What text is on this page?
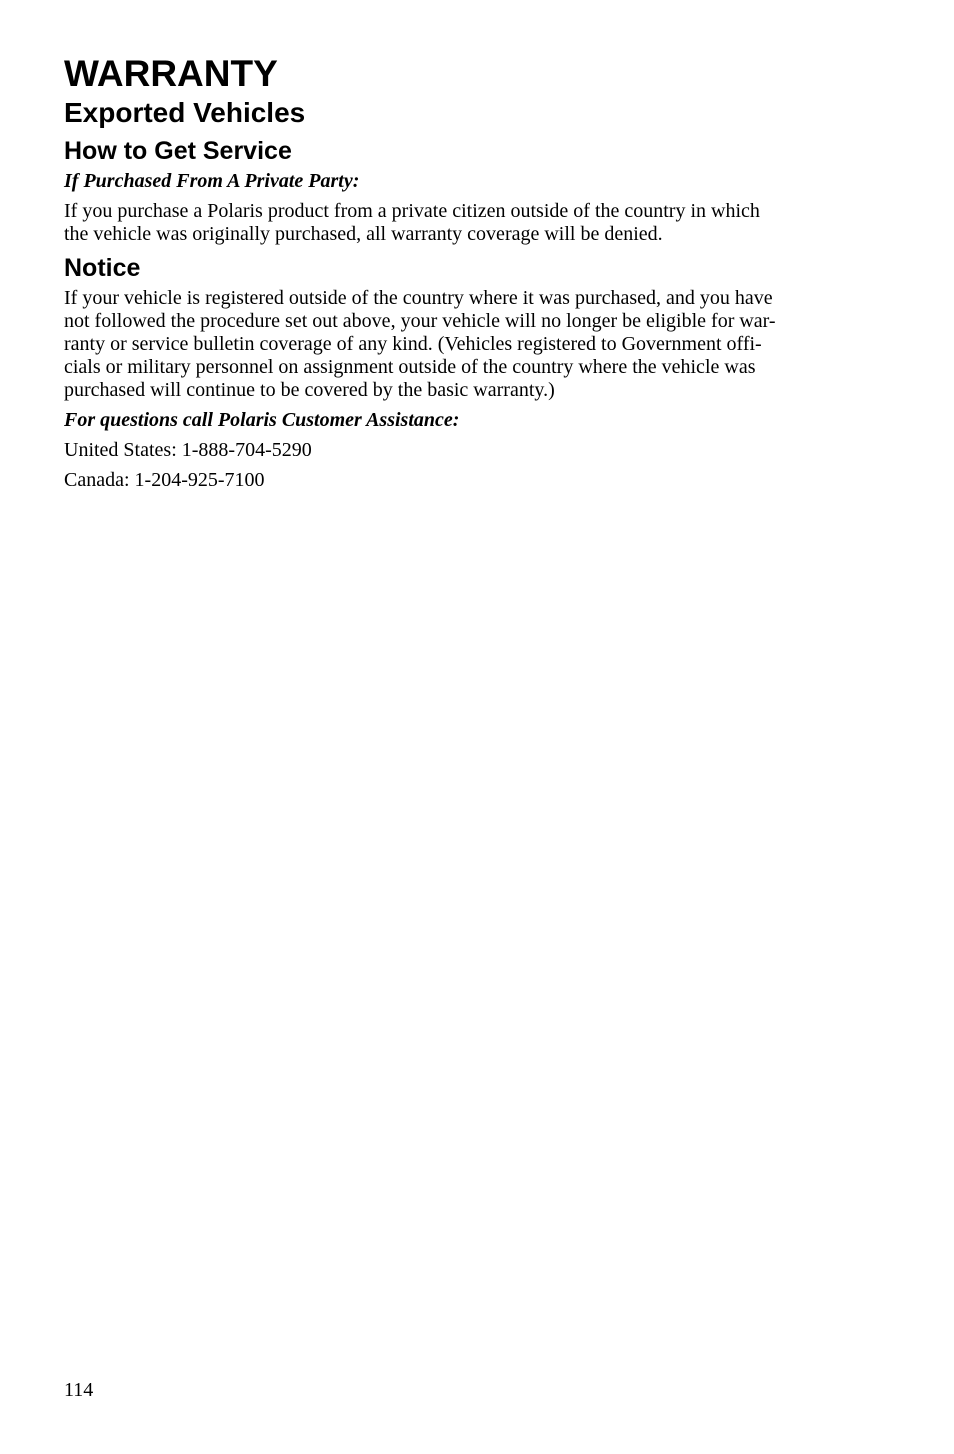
WARRANTY
Exported Vehicles
How to Get Service
If Purchased From A Private Party:
If you purchase a Polaris product from a private citizen outside of the country in which
the vehicle was originally purchased, all warranty coverage will be denied.
Notice
If your vehicle is registered outside of the country where it was purchased, and you have
not followed the procedure set out above, your vehicle will no longer be eligible for war-
ranty or service bulletin coverage of any kind. (Vehicles registered to Government offi-
cials or military personnel on assignment outside of the country where the vehicle was
purchased will continue to be covered by the basic warranty.)
For questions call Polaris Customer Assistance:
United States: 1-888-704-5290
Canada: 1-204-925-7100
114
